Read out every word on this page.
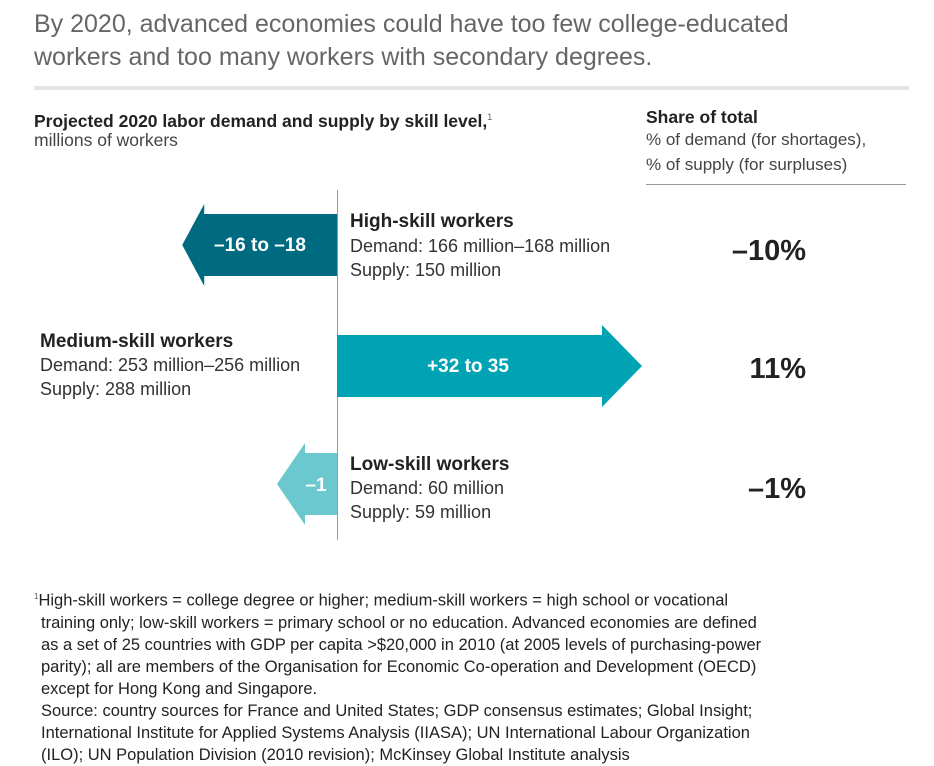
By 2020, advanced economies could have too few college-educated
workers and too many workers with secondary degrees.
Projected 2020 labor demand and supply by skill level,$^1$
millions of workers
Share of total
% of demand (for shortages),
% of supply (for surpluses)
–16 to –18
+32 to 35
–1
High-skill workers
Demand: 166 million–168 million
Supply: 150 million
Medium-skill workers
Demand: 253 million–256 million
Supply: 288 million
Low-skill workers
Demand: 60 million
Supply: 59 million
–10%
11%
–1%
$^1$High-skill workers = college degree or higher; medium-skill workers = high school or vocational
training only; low-skill workers = primary school or no education. Advanced economies are defined
as a set of 25 countries with GDP per capita >$20,000 in 2010 (at 2005 levels of purchasing-power
parity); all are members of the Organisation for Economic Co-operation and Development (OECD)
except for Hong Kong and Singapore.
Source: country sources for France and United States; GDP consensus estimates; Global Insight;
International Institute for Applied Systems Analysis (IIASA); UN International Labour Organization
(ILO); UN Population Division (2010 revision); McKinsey Global Institute analysis
